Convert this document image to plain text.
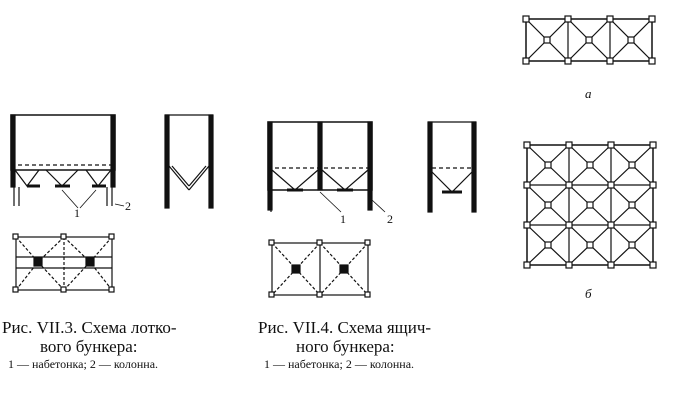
1	2
1	2
а
б
Рис. VII.3. Схема лотко-
вого бункера:
1 — набетонка; 2 — колонна.
Рис. VII.4. Схема ящич-
ного бункера:
1 — набетонка; 2 — колонна.
